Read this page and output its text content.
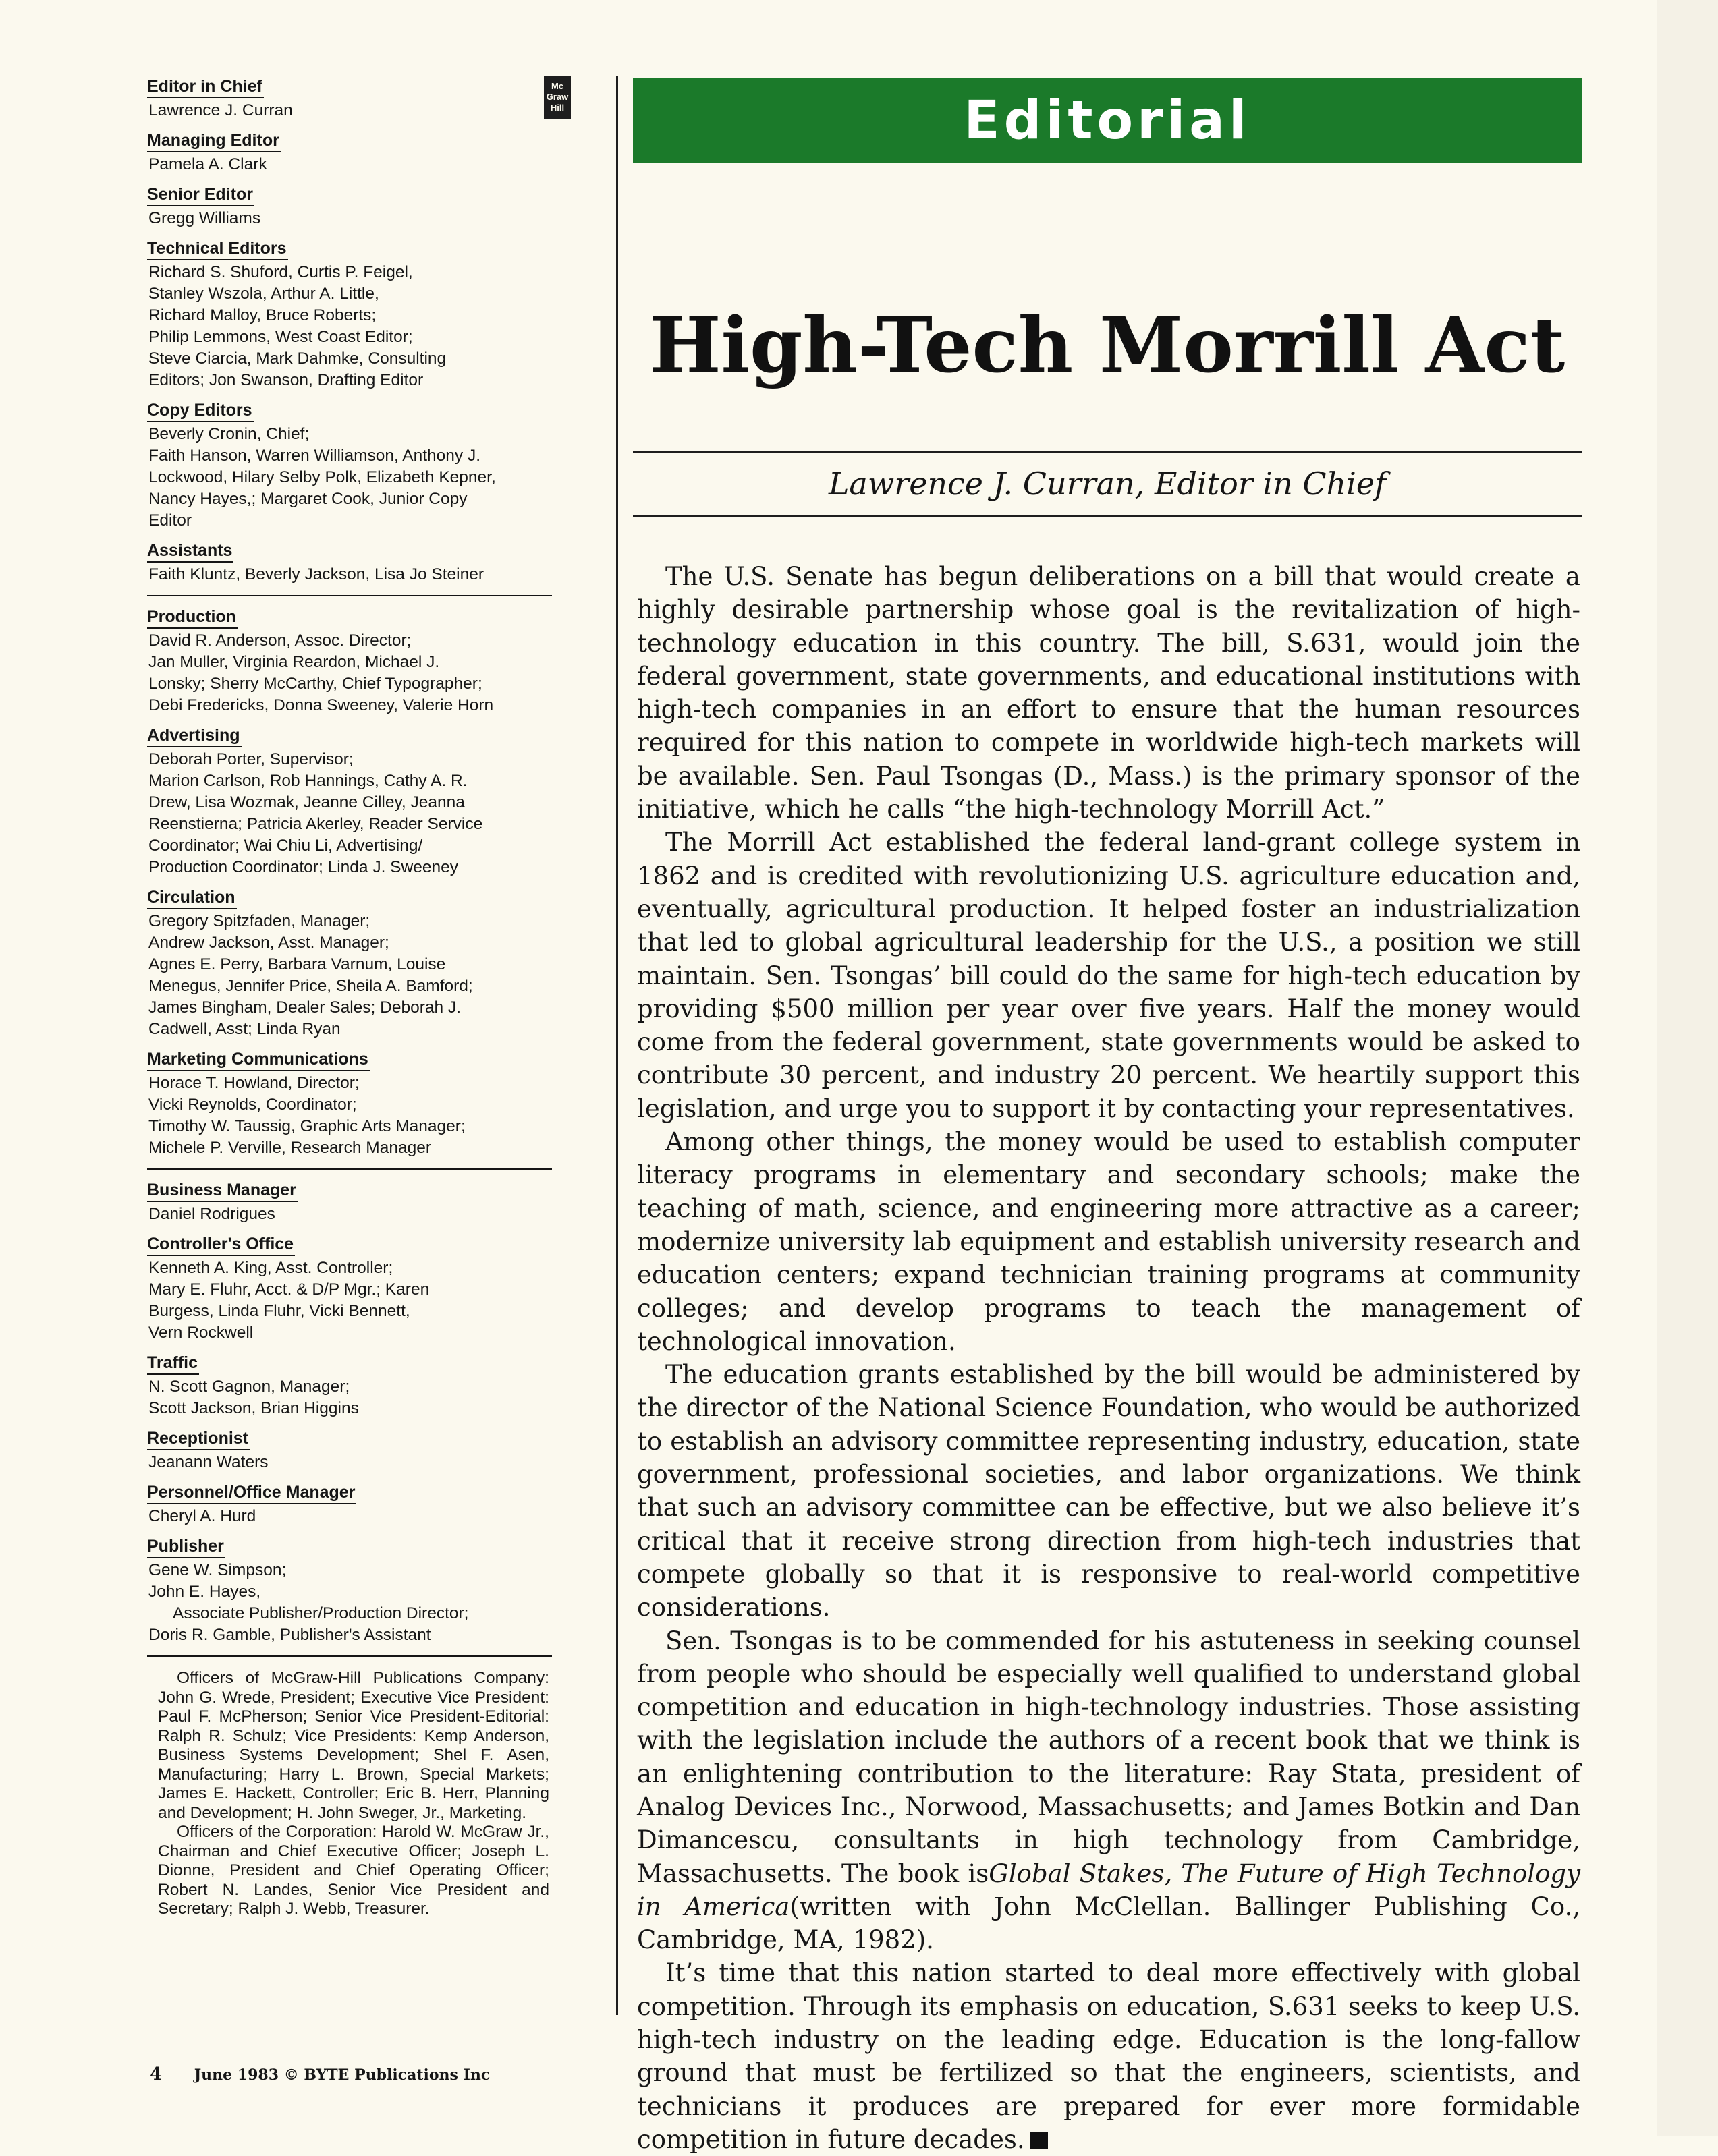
Editor in Chief
Lawrence J. Curran
Managing Editor
Pamela A. Clark
Senior Editor
Gregg Williams
Technical Editors
Richard S. Shuford, Curtis P. Feigel,
Stanley Wszola, Arthur A. Little,
Richard Malloy, Bruce Roberts;
Philip Lemmons, West Coast Editor;
Steve Ciarcia, Mark Dahmke, Consulting
Editors; Jon Swanson, Drafting Editor
Copy Editors
Beverly Cronin, Chief;
Faith Hanson, Warren Williamson, Anthony J.
Lockwood, Hilary Selby Polk, Elizabeth Kepner,
Nancy Hayes,; Margaret Cook, Junior Copy
Editor
Assistants
Faith Kluntz, Beverly Jackson, Lisa Jo Steiner
Production
David R. Anderson, Assoc. Director;
Jan Muller, Virginia Reardon, Michael J.
Lonsky; Sherry McCarthy, Chief Typographer;
Debi Fredericks, Donna Sweeney, Valerie Horn
Advertising
Deborah Porter, Supervisor;
Marion Carlson, Rob Hannings, Cathy A. R.
Drew, Lisa Wozmak, Jeanne Cilley, Jeanna
Reenstierna; Patricia Akerley, Reader Service
Coordinator; Wai Chiu Li, Advertising/
Production Coordinator; Linda J. Sweeney
Circulation
Gregory Spitzfaden, Manager;
Andrew Jackson, Asst. Manager;
Agnes E. Perry, Barbara Varnum, Louise
Menegus, Jennifer Price, Sheila A. Bamford;
James Bingham, Dealer Sales; Deborah J.
Cadwell, Asst; Linda Ryan
Marketing Communications
Horace T. Howland, Director;
Vicki Reynolds, Coordinator;
Timothy W. Taussig, Graphic Arts Manager;
Michele P. Verville, Research Manager
Business Manager
Daniel Rodrigues
Controller's Office
Kenneth A. King, Asst. Controller;
Mary E. Fluhr, Acct. & D/P Mgr.; Karen
Burgess, Linda Fluhr, Vicki Bennett,
Vern Rockwell
Traffic
N. Scott Gagnon, Manager;
Scott Jackson, Brian Higgins
Receptionist
Jeanann Waters
Personnel/Office Manager
Cheryl A. Hurd
Publisher
Gene W. Simpson;
John E. Hayes,
Associate Publisher/Production Director;
Doris R. Gamble, Publisher's Assistant

Officers of McGraw-Hill Publications Company: John G. Wrede, President; Executive Vice President: Paul F. McPherson; Senior Vice President-Editorial: Ralph R. Schulz; Vice Presidents: Kemp Anderson, Business Systems Development; Shel F. Asen, Manufacturing; Harry L. Brown, Special Markets; James E. Hackett, Controller; Eric B. Herr, Planning and Development; H. John Sweger, Jr., Marketing.

Officers of the Corporation: Harold W. McGraw Jr., Chairman and Chief Executive Officer; Joseph L. Dionne, President and Chief Operating Officer; Robert N. Landes, Senior Vice President and Secretary; Ralph J. Webb, Treasurer.

Mc
Graw
Hill	Editorial
High-Tech Morrill Act
Lawrence J. Curran, Editor in Chief

The U.S. Senate has begun deliberations on a bill that would create a highly desirable partnership whose goal is the revitalization of high-technology education in this country. The bill, S.631, would join the federal government, state governments, and educational institutions with high-tech companies in an effort to ensure that the human resources required for this nation to compete in worldwide high-tech markets will be available. Sen. Paul Tsongas (D., Mass.) is the primary sponsor of the initiative, which he calls “the high-technology Morrill Act.”

The Morrill Act established the federal land-grant college system in 1862 and is credited with revolutionizing U.S. agriculture education and, eventually, agricultural production. It helped foster an industrialization that led to global agricultural leadership for the U.S., a position we still maintain. Sen. Tsongas’ bill could do the same for high-tech education by providing $500 million per year over five years. Half the money would come from the federal government, state governments would be asked to contribute 30 percent, and industry 20 percent. We heartily support this legislation, and urge you to support it by contacting your representatives.

Among other things, the money would be used to establish computer literacy programs in elementary and secondary schools; make the teaching of math, science, and engineering more attractive as a career; modernize university lab equipment and establish university research and education centers; expand technician training programs at community colleges; and develop programs to teach the management of technological innovation.

The education grants established by the bill would be administered by the director of the National Science Foundation, who would be authorized to establish an advisory committee representing industry, education, state government, professional societies, and labor organizations. We think that such an advisory committee can be effective, but we also believe it’s critical that it receive strong direction from high-tech industries that compete globally so that it is responsive to real-world competitive considerations.

Sen. Tsongas is to be commended for his astuteness in seeking counsel from people who should be especially well qualified to understand global competition and education in high-technology industries. Those assisting with the legislation include the authors of a recent book that we think is an enlightening contribution to the literature: Ray Stata, president of Analog Devices Inc., Norwood, Massachusetts; and James Botkin and Dan Dimancescu, consultants in high technology from Cambridge, Massachusetts. The book isGlobal Stakes, The Future of High Technology in America(written with John McClellan. Ballinger Publishing Co., Cambridge, MA, 1982).

It’s time that this nation started to deal more effectively with global competition. Through its emphasis on education, S.631 seeks to keep U.S. high-tech industry on the leading edge. Education is the long-fallow ground that must be fertilized so that the engineers, scientists, and technicians it produces are prepared for ever more formidable competition in future decades.

4 June 1983 © BYTE Publications Inc
